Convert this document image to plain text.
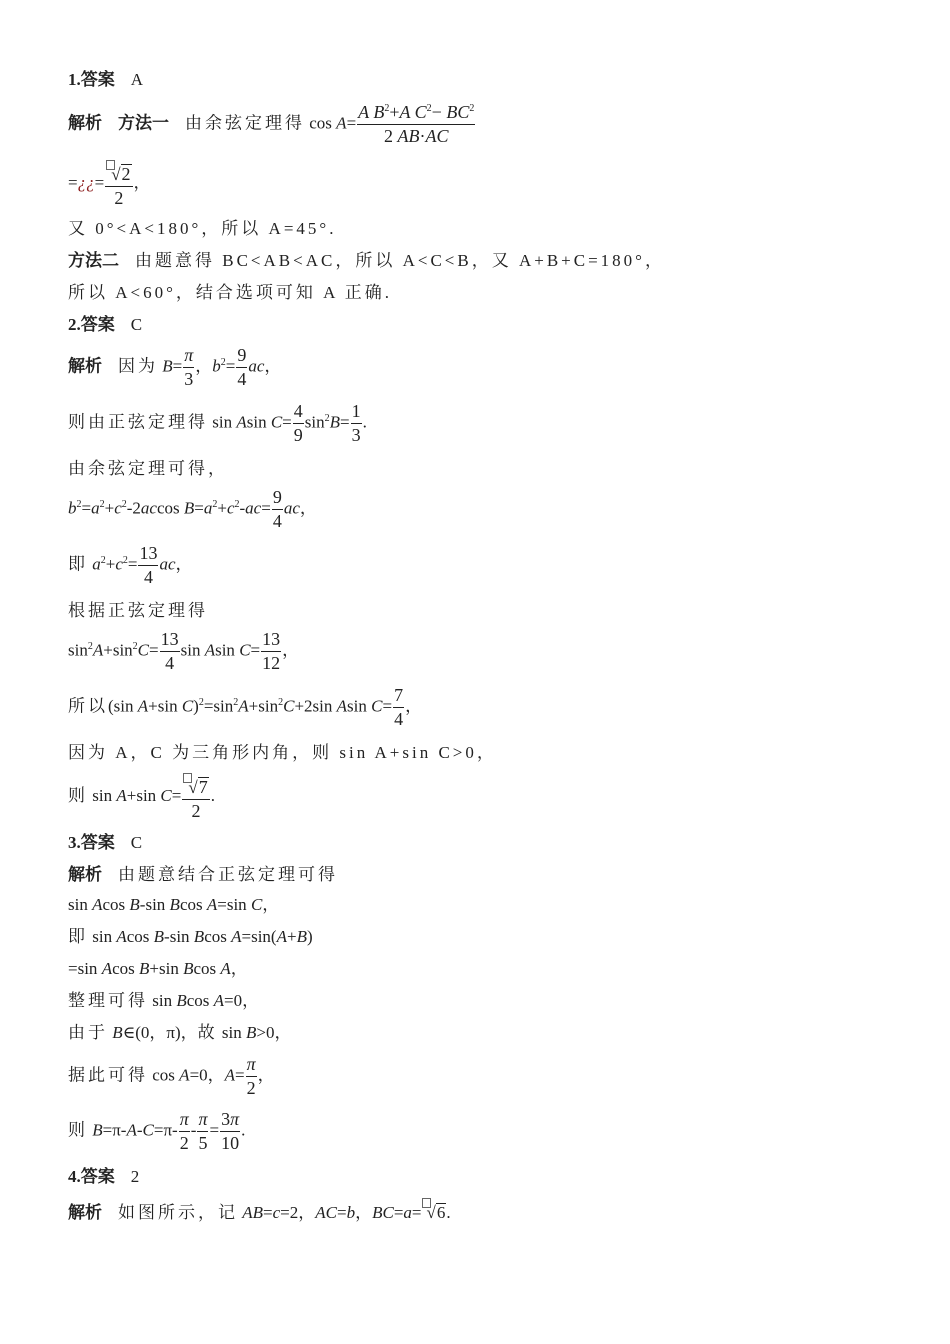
1.答案 A
解析 方法一 由余弦定理得 $\cos A= \frac{A B^2+A C^2- BC^2}{2 AB\cdot AC}$
=¿¿= $\frac{√2}{2}$ ，
又 0°<A<180°，所以 A=45°.
方法二 由题意得 BC<AB<AC，所以 A<C<B，又 A+B+C=180°，
所以 A<60°，结合选项可知 A 正确.
2.答案 C
解析 因为 $B= \frac{\pi}{3}$ ，$b^2= \frac{9}{4}$ ac，
则由正弦定理得 sin Asin $C= \frac{4}{9} \sin^2B= \frac{1}{3}$ .
由余弦定理可得，
$b^2=a^2+c^2-2accos$ $B=a^2+c^2-ac= \frac{9}{4}$ ac，
即 $a^2+c^2= \frac{13}{4}$ ac，
根据正弦定理得
$\sin^2A+\sin^2C= \frac{13}{4}$ sin Asin $C= \frac{13}{12}$ ，
所以(sin A+sin $C)^2=\sin^2A+\sin^2C+2\sin$ Asin $C= \frac{7}{4}$ ，
因为 A，C 为三角形内角，则 sin A+sin C>0，
则 sin A+sin $C= \frac{√7}{2}$ .
3.答案 C
解析 由题意结合正弦定理可得
sin Acos B-sin Bcos A=sin C，
即 sin Acos B-sin Bcos A=sin(A+B)
=sin Acos B+sin Bcos A，
整理可得 sin Bcos A=0，
由于 B∈(0，π)，故 sin B>0，
据此可得 cos A=0，$A= \frac{\pi}{2}$ ，
则 $B=\pi-A-C=\pi- \frac{\pi}{2} - \frac{\pi}{5} = \frac{3\pi}{10}$ .
4.答案 2
解析 如图所示，记 AB=c=2，AC=b，BC=a= √6.
